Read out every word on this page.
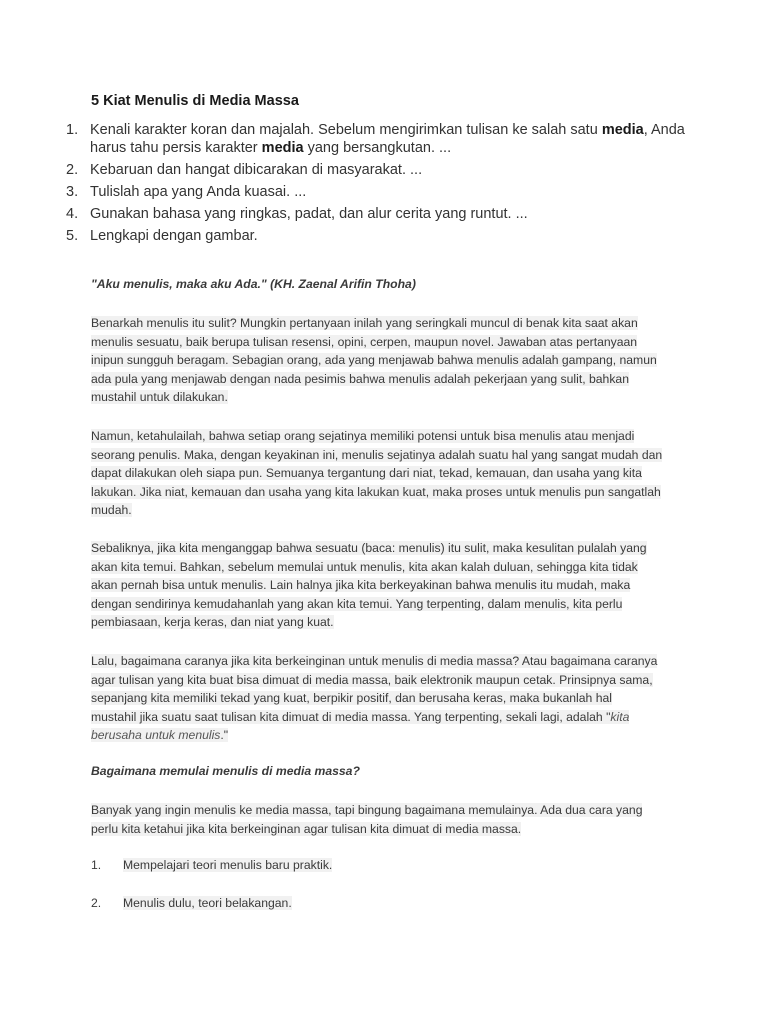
5 Kiat Menulis di Media Massa
1. Kenali karakter koran dan majalah. Sebelum mengirimkan tulisan ke salah satu media, Anda harus tahu persis karakter media yang bersangkutan. ...
2. Kebaruan dan hangat dibicarakan di masyarakat. ...
3. Tulislah apa yang Anda kuasai. ...
4. Gunakan bahasa yang ringkas, padat, dan alur cerita yang runtut. ...
5. Lengkapi dengan gambar.

"Aku menulis, maka aku Ada." (KH. Zaenal Arifin Thoha)

Benarkah menulis itu sulit? Mungkin pertanyaan inilah yang seringkali muncul di benak kita saat akan
menulis sesuatu, baik berupa tulisan resensi, opini, cerpen, maupun novel. Jawaban atas pertanyaan
inipun sungguh beragam. Sebagian orang, ada yang menjawab bahwa menulis adalah gampang, namun
ada pula yang menjawab dengan nada pesimis bahwa menulis adalah pekerjaan yang sulit, bahkan
mustahil untuk dilakukan.
Namun, ketahulailah, bahwa setiap orang sejatinya memiliki potensi untuk bisa menulis atau menjadi
seorang penulis. Maka, dengan keyakinan ini, menulis sejatinya adalah suatu hal yang sangat mudah dan
dapat dilakukan oleh siapa pun. Semuanya tergantung dari niat, tekad, kemauan, dan usaha yang kita
lakukan. Jika niat, kemauan dan usaha yang kita lakukan kuat, maka proses untuk menulis pun sangatlah
mudah.
Sebaliknya, jika kita menganggap bahwa sesuatu (baca: menulis) itu sulit, maka kesulitan pulalah yang
akan kita temui. Bahkan, sebelum memulai untuk menulis, kita akan kalah duluan, sehingga kita tidak
akan pernah bisa untuk menulis. Lain halnya jika kita berkeyakinan bahwa menulis itu mudah, maka
dengan sendirinya kemudahanlah yang akan kita temui. Yang terpenting, dalam menulis, kita perlu
pembiasaan, kerja keras, dan niat yang kuat.
Lalu, bagaimana caranya jika kita berkeinginan untuk menulis di media massa? Atau bagaimana caranya
agar tulisan yang kita buat bisa dimuat di media massa, baik elektronik maupun cetak. Prinsipnya sama,
sepanjang kita memiliki tekad yang kuat, berpikir positif, dan berusaha keras, maka bukanlah hal
mustahil jika suatu saat tulisan kita dimuat di media massa. Yang terpenting, sekali lagi, adalah "kita
berusaha untuk menulis."

Bagaimana memulai menulis di media massa?

Banyak yang ingin menulis ke media massa, tapi bingung bagaimana memulainya. Ada dua cara yang
perlu kita ketahui jika kita berkeinginan agar tulisan kita dimuat di media massa.
1. Mempelajari teori menulis baru praktik.
2. Menulis dulu, teori belakangan.
